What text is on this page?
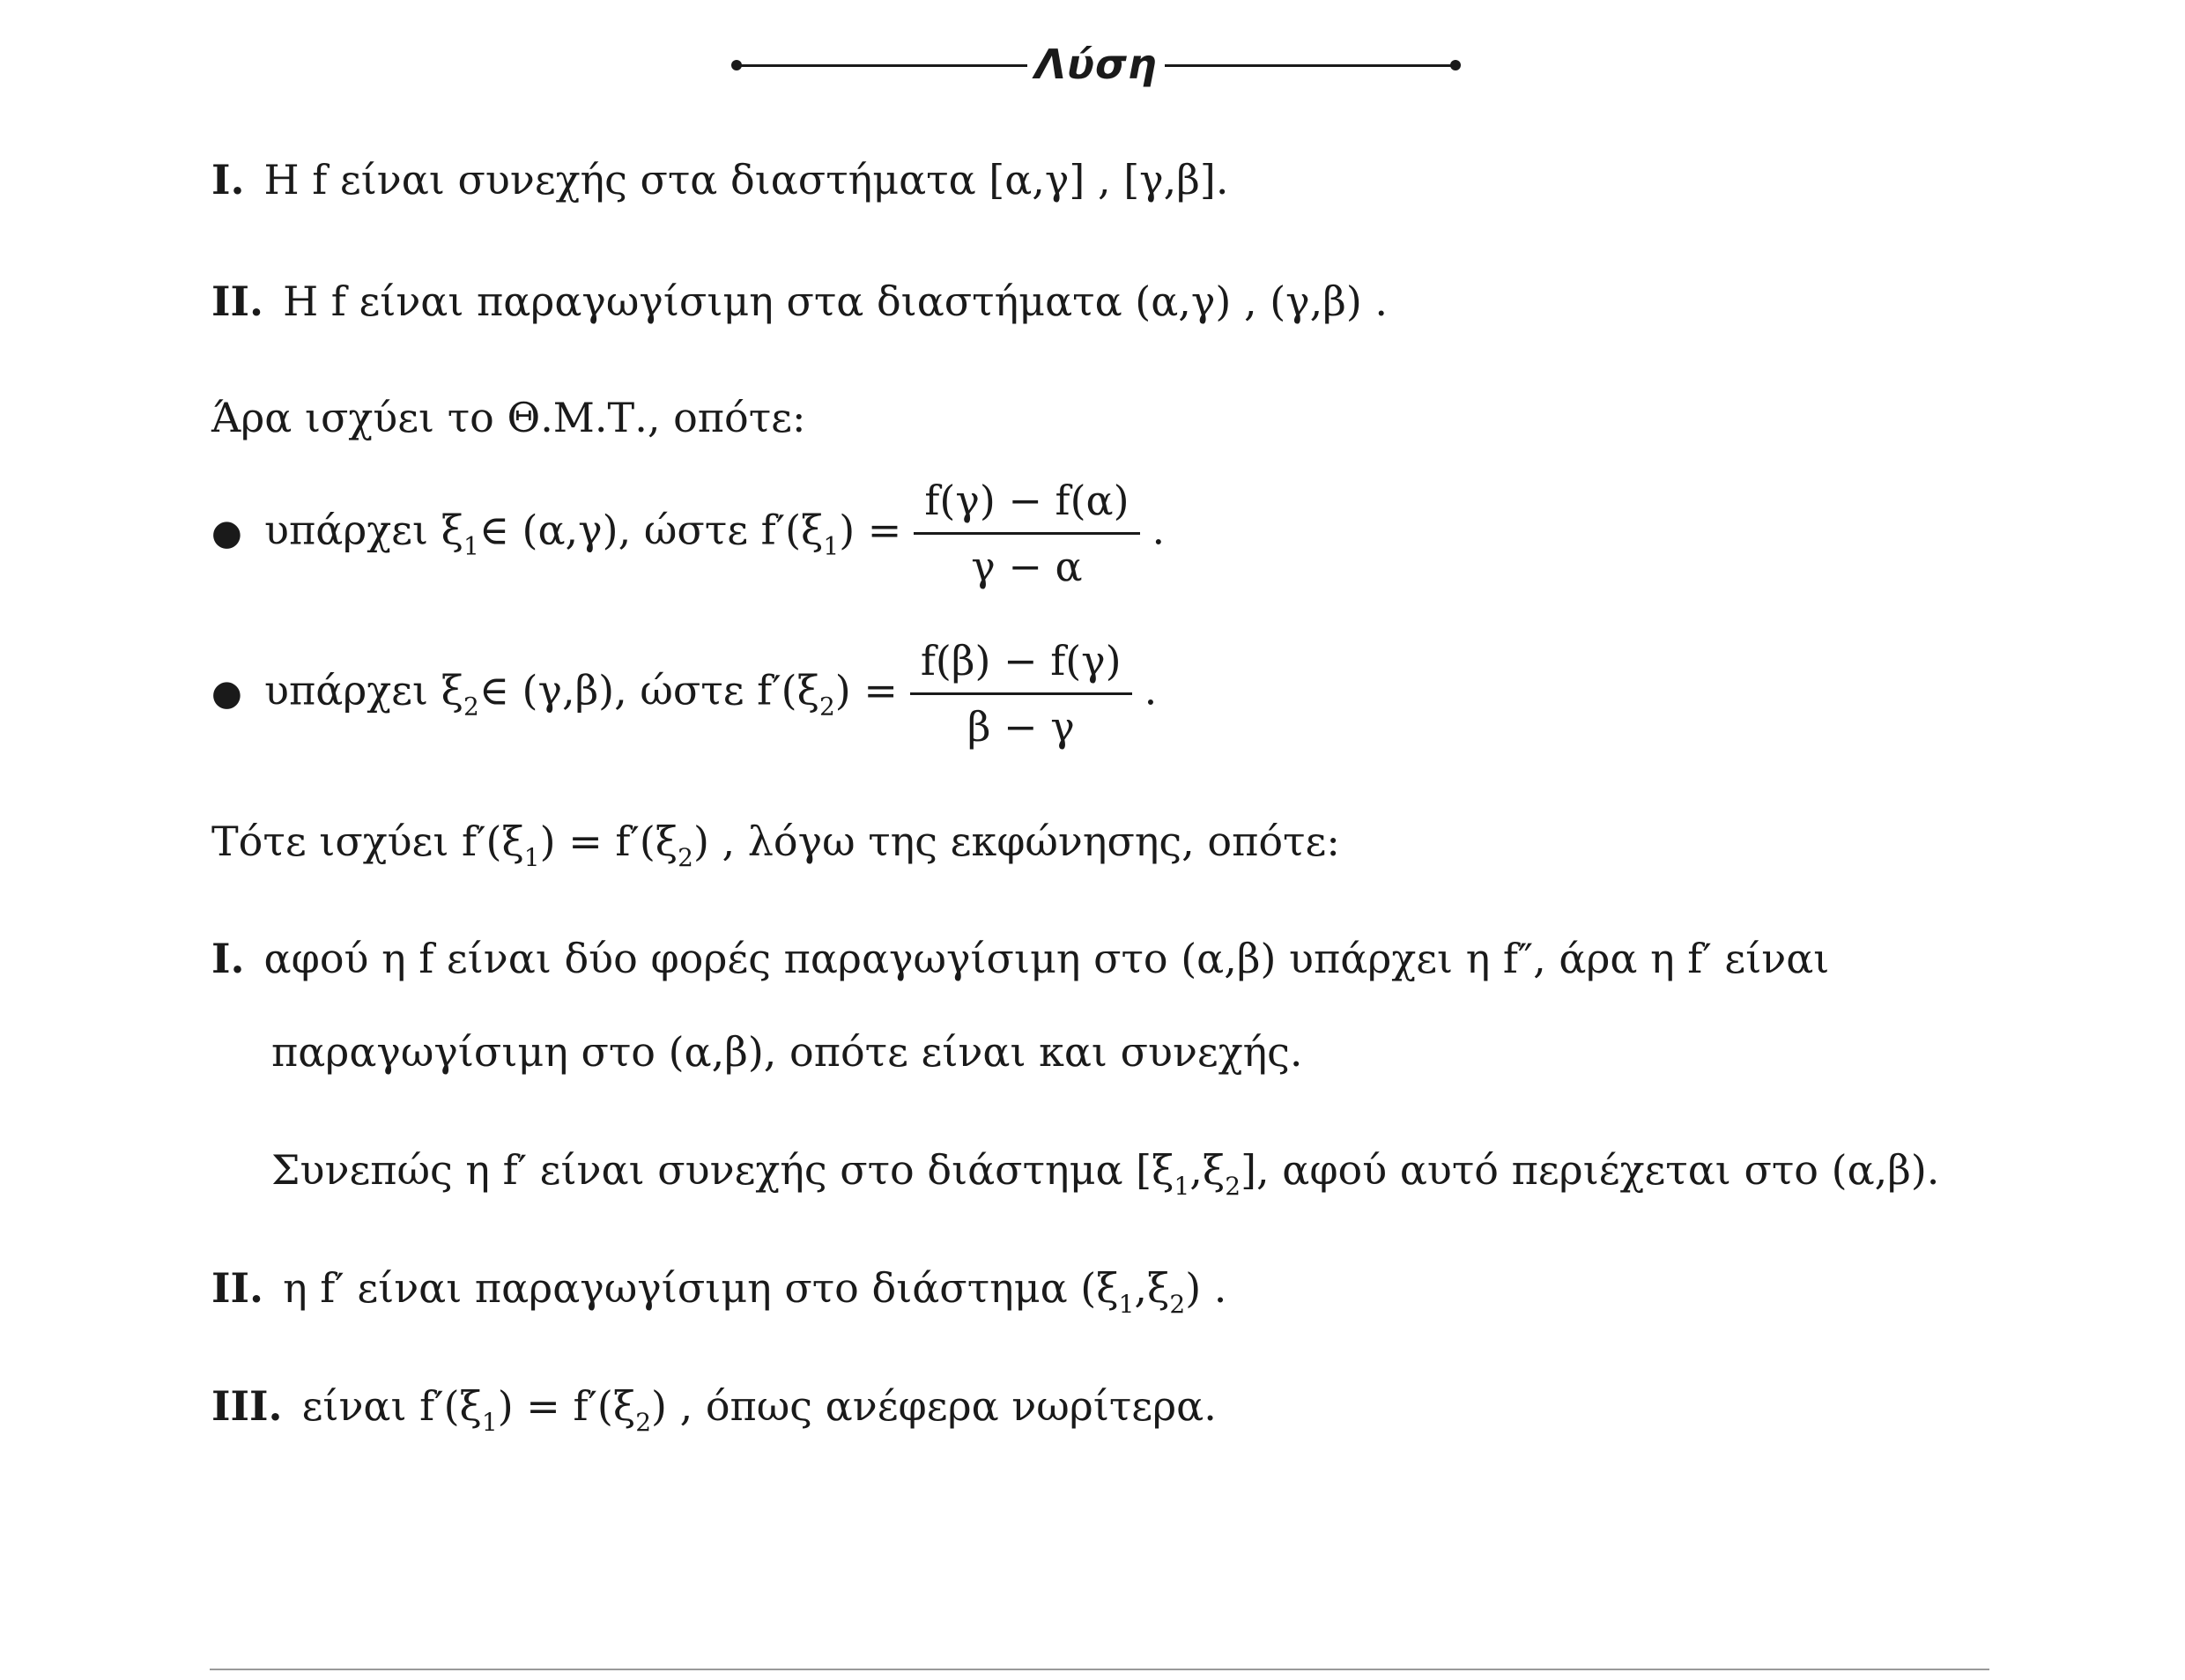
Λύση
I. Η f είναι συνεχής στα διαστήματα [α,γ] , [γ,β].
II. Η f είναι παραγωγίσιμη στα διαστήματα (α,γ) , (γ,β) .
Άρα ισχύει το Θ.Μ.Τ., οπότε:
● υπάρχει $\xi_1\in$ (α,γ), ώστε $f'(\xi_1) = \frac{f(\gamma) - f(\alpha)}{\gamma - \alpha}$ .
● υπάρχει $\xi_2\in$ (γ,β), ώστε $f'(\xi_2) = \frac{f(\beta) - f(\gamma)}{\beta - \gamma}$ .
Τότε ισχύει $f'(\xi_1) = f'(\xi_2)$ , λόγω της εκφώνησης, οπότε:
I. αφού η f είναι δύο φορές παραγωγίσιμη στο (α,β) υπάρχει η f″, άρα η f′ είναι
παραγωγίσιμη στο (α,β), οπότε είναι και συνεχής.
Συνεπώς η f′ είναι συνεχής στο διάστημα $[\xi_1,\xi_2]$, αφού αυτό περιέχεται στο (α,β).
II. η f′ είναι παραγωγίσιμη στο διάστημα $(\xi_1,\xi_2)$ .
III. είναι $f'(\xi_1) = f'(\xi_2)$ , όπως ανέφερα νωρίτερα.
